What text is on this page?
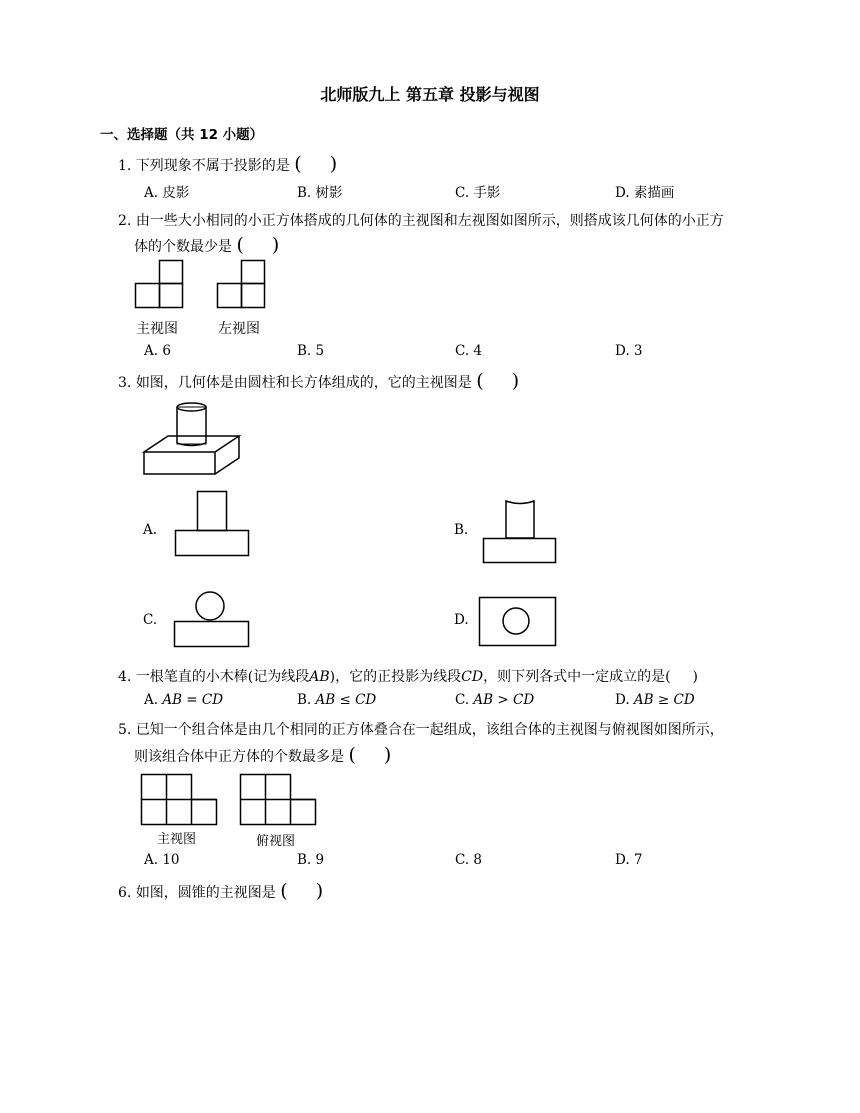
北师版九上 第五章 投影与视图
一、选择题（共 12 小题）
1. 下列现象不属于投影的是 ( )
A. 皮影	B. 树影	C. 手影	D. 素描画
2. 由一些大小相同的小正方体搭成的几何体的主视图和左视图如图所示，则搭成该几何体的小正方
体的个数最少是 ( )
主视图	左视图
A. 6	B. 5	C. 4	D. 3
3. 如图，几何体是由圆柱和长方体组成的，它的主视图是 ( )
A.	B.
C.	D.
4. 一根笔直的小木棒(记为线段𝐴𝐵)，它的正投影为线段𝐶𝐷，则下列各式中一定成立的是( )
A. 𝐴𝐵 = 𝐶𝐷	B. 𝐴𝐵 ≤ 𝐶𝐷	C. 𝐴𝐵 > 𝐶𝐷	D. 𝐴𝐵 ≥ 𝐶𝐷
5. 已知一个组合体是由几个相同的正方体叠合在一起组成，该组合体的主视图与俯视图如图所示，
则该组合体中正方体的个数最多是 ( )
主视图	俯视图
A. 10	B. 9	C. 8	D. 7
6. 如图，圆锥的主视图是 ( )
